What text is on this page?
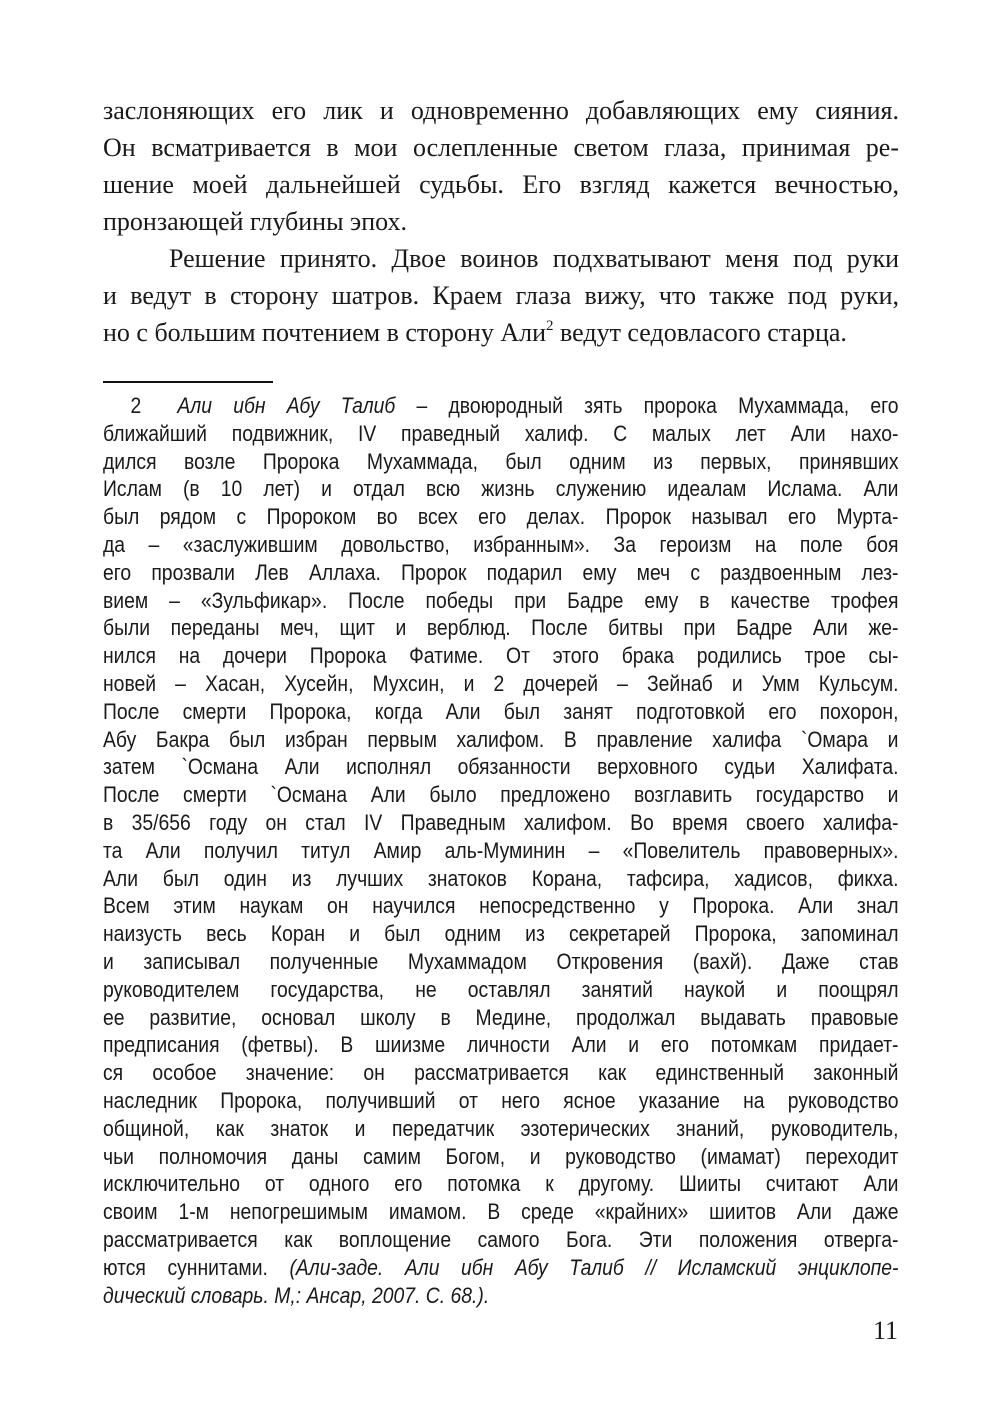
заслоняющих его лик и одновременно добавляющих ему сияния.
Он всматривается в мои ослепленные светом глаза, принимая ре-
шение моей дальнейшей судьбы. Его взгляд кажется вечностью,
пронзающей глубины эпох.
Решение принято. Двое воинов подхватывают меня под руки
и ведут в сторону шатров. Краем глаза вижу, что также под руки,
но с большим почтением в сторону Али$^2$ ведут седовласого старца.
2 Али ибн Абу Талиб – двоюродный зять пророка Мухаммада, его
ближайший подвижник, IV праведный халиф. С малых лет Али нахо-
дился возле Пророка Мухаммада, был одним из первых, принявших
Ислам (в 10 лет) и отдал всю жизнь служению идеалам Ислама. Али
был рядом с Пророком во всех его делах. Пророк называл его Мурта-
да – «заслужившим довольство, избранным». За героизм на поле боя
его прозвали Лев Аллаха. Пророк подарил ему меч с раздвоенным лез-
вием – «Зульфикар». После победы при Бадре ему в качестве трофея
были переданы меч, щит и верблюд. После битвы при Бадре Али же-
нился на дочери Пророка Фатиме. От этого брака родились трое сы-
новей – Хасан, Хусейн, Мухсин, и 2 дочерей – Зейнаб и Умм Кульсум.
После смерти Пророка, когда Али был занят подготовкой его похорон,
Абу Бакра был избран первым халифом. В правление халифа `Омара и
затем `Османа Али исполнял обязанности верховного судьи Халифата.
После смерти `Османа Али было предложено возглавить государство и
в 35/656 году он стал IV Праведным халифом. Во время своего халифа-
та Али получил титул Амир аль-Муминин – «Повелитель правоверных».
Али был один из лучших знатоков Корана, тафсира, хадисов, фикха.
Всем этим наукам он научился непосредственно у Пророка. Али знал
наизусть весь Коран и был одним из секретарей Пророка, запоминал
и записывал полученные Мухаммадом Откровения (вахй). Даже став
руководителем государства, не оставлял занятий наукой и поощрял
ее развитие, основал школу в Медине, продолжал выдавать правовые
предписания (фетвы). В шиизме личности Али и его потомкам придает-
ся особое значение: он рассматривается как единственный законный
наследник Пророка, получивший от него ясное указание на руководство
общиной, как знаток и передатчик эзотерических знаний, руководитель,
чьи полномочия даны самим Богом, и руководство (имамат) переходит
исключительно от одного его потомка к другому. Шииты считают Али
своим 1-м непогрешимым имамом. В среде «крайних» шиитов Али даже
рассматривается как воплощение самого Бога. Эти положения отверга-
ются суннитами. (Али-заде. Али ибн Абу Талиб // Исламский энциклопе-
дический словарь. М,: Ансар, 2007. С. 68.).
11
